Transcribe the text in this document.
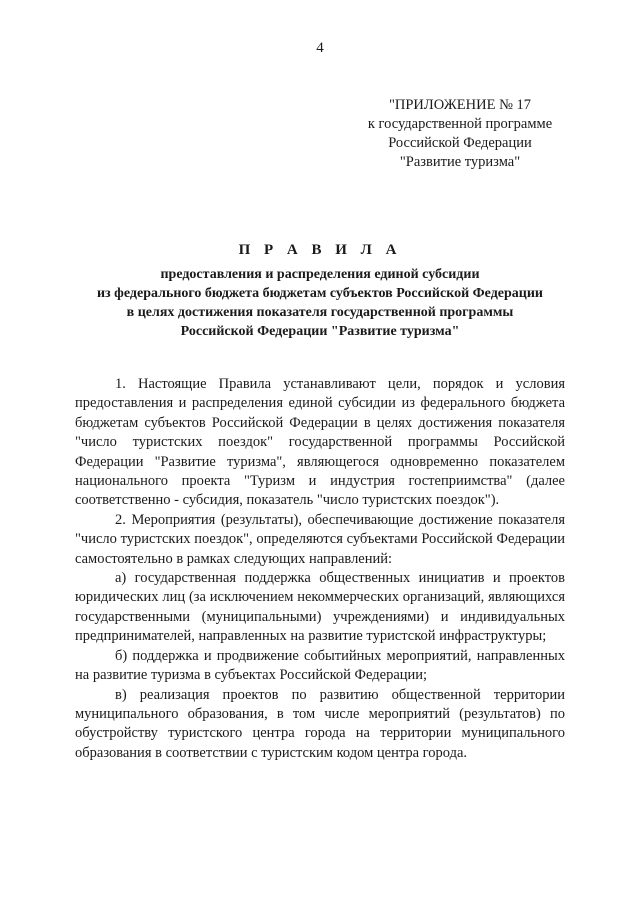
4
"ПРИЛОЖЕНИЕ № 17
к государственной программе
Российской Федерации
"Развитие туризма"
П Р А В И Л А
предоставления и распределения единой субсидии
из федерального бюджета бюджетам субъектов Российской Федерации
в целях достижения показателя государственной программы
Российской Федерации "Развитие туризма"

1. Настоящие Правила устанавливают цели, порядок и условия предоставления и распределения единой субсидии из федерального бюджета бюджетам субъектов Российской Федерации в целях достижения показателя "число туристских поездок" государственной программы Российской Федерации "Развитие туризма", являющегося одновременно показателем национального проекта "Туризм и индустрия гостеприимства" (далее соответственно - субсидия, показатель "число туристских поездок").

2. Мероприятия (результаты), обеспечивающие достижение показателя "число туристских поездок", определяются субъектами Российской Федерации самостоятельно в рамках следующих направлений:

а) государственная поддержка общественных инициатив и проектов юридических лиц (за исключением некоммерческих организаций, являющихся государственными (муниципальными) учреждениями) и индивидуальных предпринимателей, направленных на развитие туристской инфраструктуры;

б) поддержка и продвижение событийных мероприятий, направленных на развитие туризма в субъектах Российской Федерации;

в) реализация проектов по развитию общественной территории муниципального образования, в том числе мероприятий (результатов) по обустройству туристского центра города на территории муниципального образования в соответствии с туристским кодом центра города.
